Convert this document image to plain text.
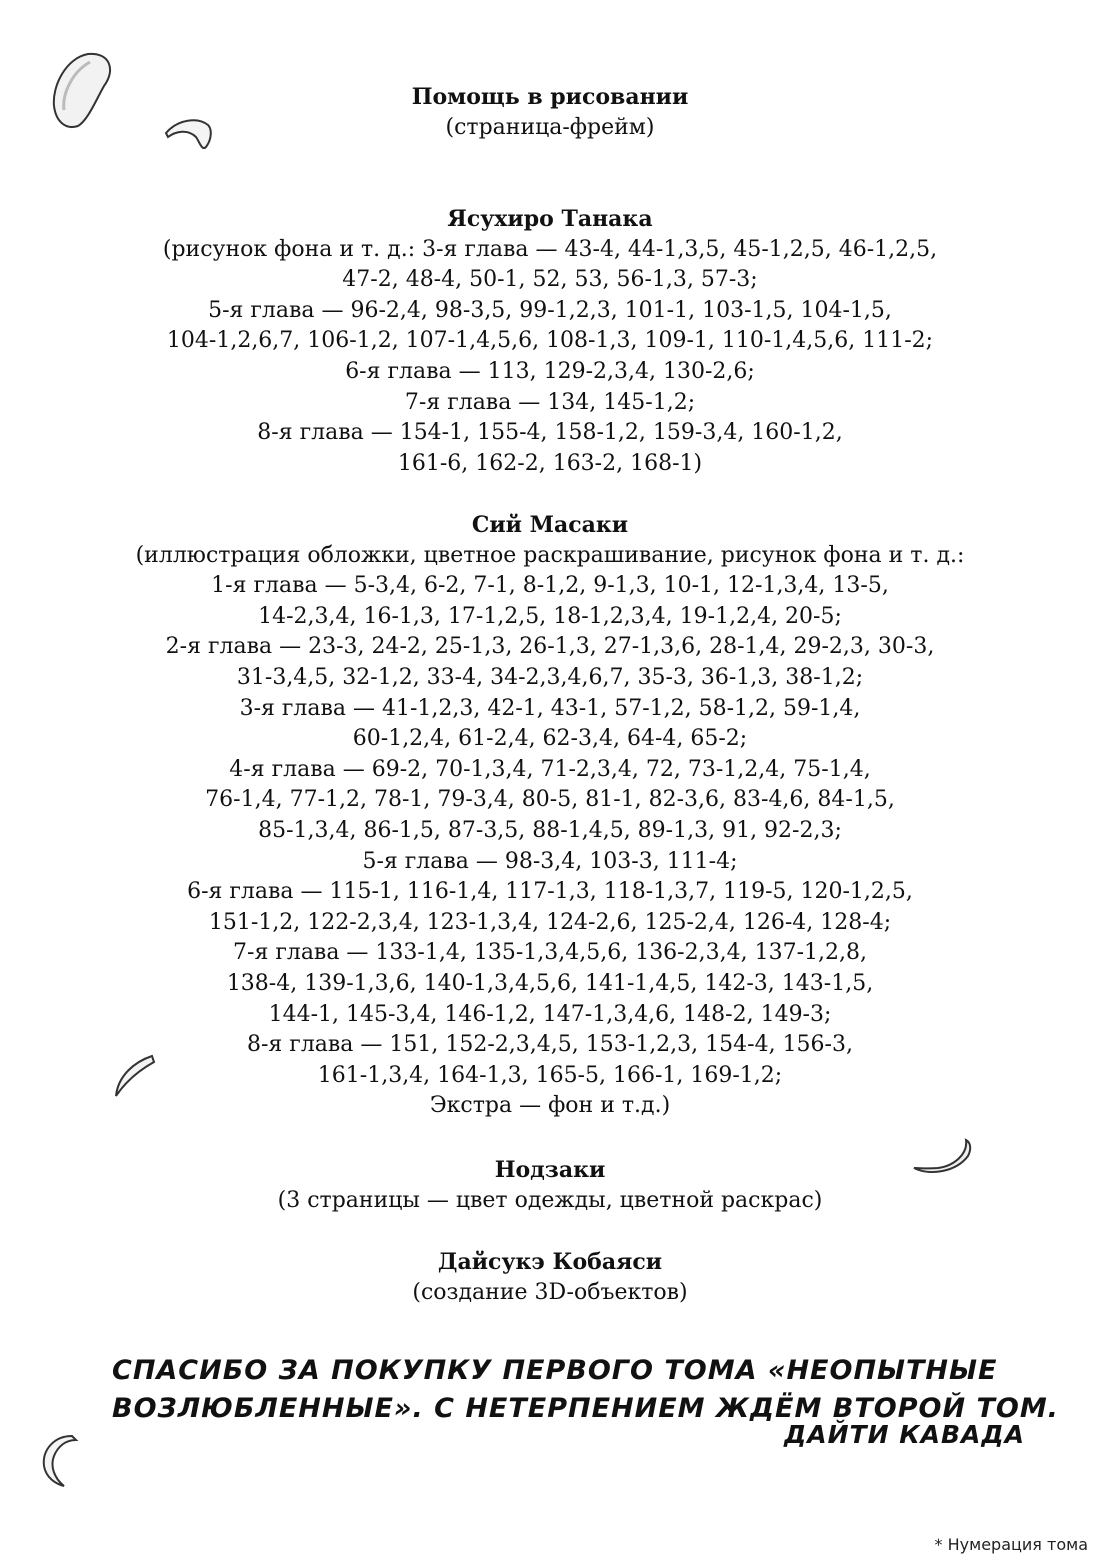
Помощь в рисовании
(страница-фрейм)
Ясухиро Танака
(рисунок фона и т. д.: 3-я глава — 43-4, 44-1,3,5, 45-1,2,5, 46-1,2,5,
47-2, 48-4, 50-1, 52, 53, 56-1,3, 57-3;
5-я глава — 96-2,4, 98-3,5, 99-1,2,3, 101-1, 103-1,5, 104-1,5,
104-1,2,6,7, 106-1,2, 107-1,4,5,6, 108-1,3, 109-1, 110-1,4,5,6, 111-2;
6-я глава — 113, 129-2,3,4, 130-2,6;
7-я глава — 134, 145-1,2;
8-я глава — 154-1, 155-4, 158-1,2, 159-3,4, 160-1,2,
161-6, 162-2, 163-2, 168-1)
Сий Масаки
(иллюстрация обложки, цветное раскрашивание, рисунок фона и т. д.:
1-я глава — 5-3,4, 6-2, 7-1, 8-1,2, 9-1,3, 10-1, 12-1,3,4, 13-5,
14-2,3,4, 16-1,3, 17-1,2,5, 18-1,2,3,4, 19-1,2,4, 20-5;
2-я глава — 23-3, 24-2, 25-1,3, 26-1,3, 27-1,3,6, 28-1,4, 29-2,3, 30-3,
31-3,4,5, 32-1,2, 33-4, 34-2,3,4,6,7, 35-3, 36-1,3, 38-1,2;
3-я глава — 41-1,2,3, 42-1, 43-1, 57-1,2, 58-1,2, 59-1,4,
60-1,2,4, 61-2,4, 62-3,4, 64-4, 65-2;
4-я глава — 69-2, 70-1,3,4, 71-2,3,4, 72, 73-1,2,4, 75-1,4,
76-1,4, 77-1,2, 78-1, 79-3,4, 80-5, 81-1, 82-3,6, 83-4,6, 84-1,5,
85-1,3,4, 86-1,5, 87-3,5, 88-1,4,5, 89-1,3, 91, 92-2,3;
5-я глава — 98-3,4, 103-3, 111-4;
6-я глава — 115-1, 116-1,4, 117-1,3, 118-1,3,7, 119-5, 120-1,2,5,
151-1,2, 122-2,3,4, 123-1,3,4, 124-2,6, 125-2,4, 126-4, 128-4;
7-я глава — 133-1,4, 135-1,3,4,5,6, 136-2,3,4, 137-1,2,8,
138-4, 139-1,3,6, 140-1,3,4,5,6, 141-1,4,5, 142-3, 143-1,5,
144-1, 145-3,4, 146-1,2, 147-1,3,4,6, 148-2, 149-3;
8-я глава — 151, 152-2,3,4,5, 153-1,2,3, 154-4, 156-3,
161-1,3,4, 164-1,3, 165-5, 166-1, 169-1,2;
Экстра — фон и т.д.)
Нодзаки
(3 страницы — цвет одежды, цветной раскрас)
Дайсукэ Кобаяси
(создание 3D-объектов)
СПАСИБО ЗА ПОКУПКУ ПЕРВОГО ТОМА «НЕОПЫТНЫЕ
ВОЗЛЮБЛЕННЫЕ». С НЕТЕРПЕНИЕМ ЖДЁМ ВТОРОЙ ТОМ.
ДАЙТИ КАВАДА
* Нумерация тома
